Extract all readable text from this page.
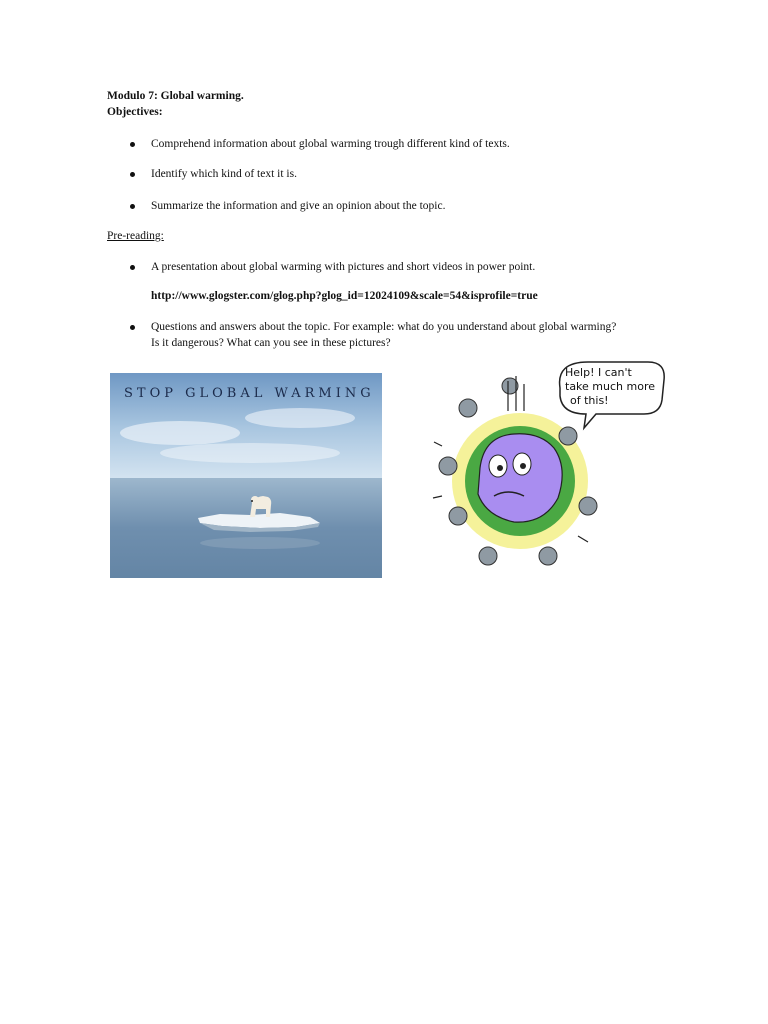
Modulo 7: Global warming.
Objectives:
Comprehend information about global warming trough different kind of texts.
Identify which kind of text it is.
Summarize the information and give an opinion about the topic.
Pre-reading:
A presentation about global warming with pictures and short videos in power point.
http://www.glogster.com/glog.php?glog_id=12024109&scale=54&isprofile=true
Questions and answers about the topic. For example: what do you understand about global warming?
Is it dangerous? What can you see in these pictures?
STOP GLOBAL WARMING
Help! I can't
take much more
of this!
